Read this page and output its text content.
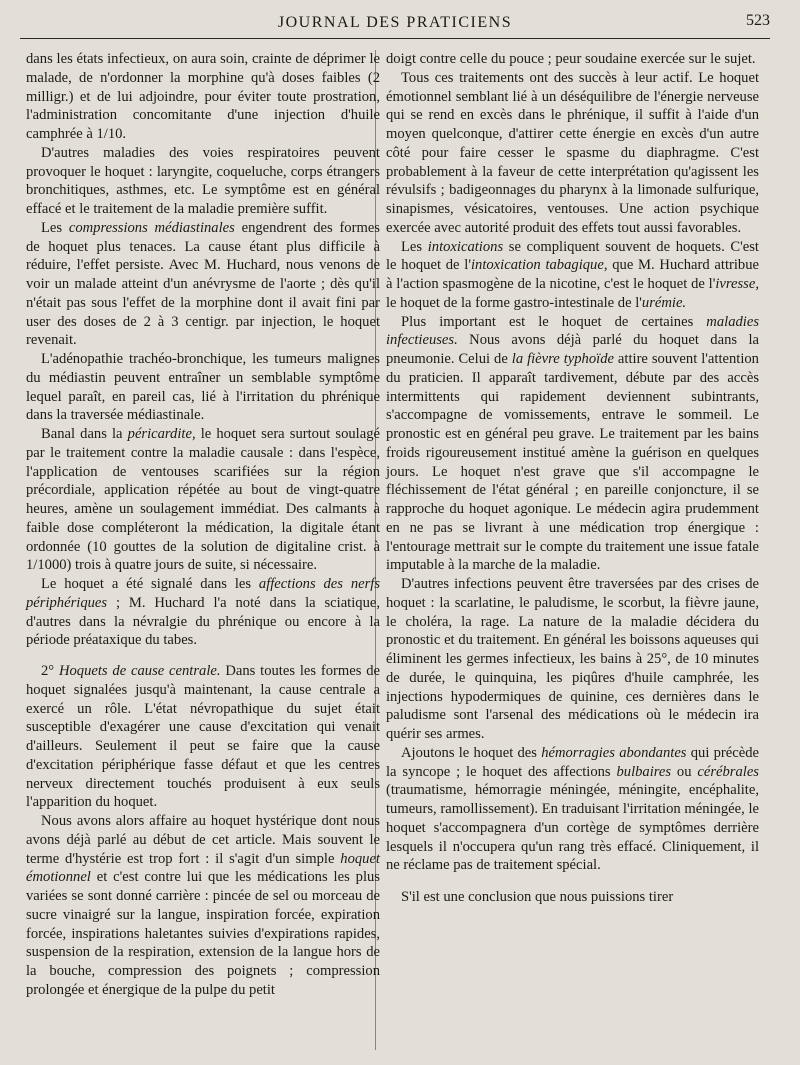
JOURNAL DES PRATICIENS	523

dans les états infectieux, on aura soin, crainte de déprimer le malade, de n'ordonner la morphine qu'à doses faibles (2 milligr.) et de lui adjoindre, pour éviter toute prostration, l'administration concomitante d'une injection d'huile camphrée à 1/10.

D'autres maladies des voies respiratoires peuvent provoquer le hoquet : laryngite, coqueluche, corps étrangers bronchitiques, asthmes, etc. Le symptôme est en général effacé et le traitement de la maladie première suffit.

Les compressions médiastinales engendrent des formes de hoquet plus tenaces. La cause étant plus difficile à réduire, l'effet persiste. Avec M. Huchard, nous venons de voir un malade atteint d'un anévrysme de l'aorte ; dès qu'il n'était pas sous l'effet de la morphine dont il avait fini par user des doses de 2 à 3 centigr. par injection, le hoquet revenait.

L'adénopathie trachéo-bronchique, les tumeurs malignes du médiastin peuvent entraîner un semblable symptôme lequel paraît, en pareil cas, lié à l'irritation du phrénique dans la traversée médiastinale.

Banal dans la péricardite, le hoquet sera surtout soulagé par le traitement contre la maladie causale : dans l'espèce, l'application de ventouses scarifiées sur la région précordiale, application répétée au bout de vingt-quatre heures, amène un soulagement immédiat. Des calmants à faible dose compléteront la médication, la digitale étant ordonnée (10 gouttes de la solution de digitaline crist. à 1/1000) trois à quatre jours de suite, si nécessaire.

Le hoquet a été signalé dans les affections des nerfs périphériques ; M. Huchard l'a noté dans la sciatique, d'autres dans la névralgie du phrénique ou encore à la période préataxique du tabes.

2° Hoquets de cause centrale. Dans toutes les formes de hoquet signalées jusqu'à maintenant, la cause centrale a exercé un rôle. L'état névropathique du sujet était susceptible d'exagérer une cause d'excitation qui venait d'ailleurs. Seulement il peut se faire que la cause d'excitation périphérique fasse défaut et que les centres nerveux directement touchés produisent à eux seuls l'apparition du hoquet.

Nous avons alors affaire au hoquet hystérique dont nous avons déjà parlé au début de cet article. Mais souvent le terme d'hystérie est trop fort : il s'agit d'un simple hoquet émotionnel et c'est contre lui que les médications les plus variées se sont donné carrière : pincée de sel ou morceau de sucre vinaigré sur la langue, inspiration forcée, expiration forcée, inspirations haletantes suivies d'expirations rapides, suspension de la respiration, extension de la langue hors de la bouche, compression des poignets ; compression prolongée et énergique de la pulpe du petit

doigt contre celle du pouce ; peur soudaine exercée sur le sujet.

Tous ces traitements ont des succès à leur actif. Le hoquet émotionnel semblant lié à un déséquilibre de l'énergie nerveuse qui se rend en excès dans le phrénique, il suffit à l'aide d'un moyen quelconque, d'attirer cette énergie en excès d'un autre côté pour faire cesser le spasme du diaphragme. C'est probablement à la faveur de cette interprétation qu'agissent les révulsifs ; badigeonnages du pharynx à la limonade sulfurique, sinapismes, vésicatoires, ventouses. Une action psychique exercée avec autorité produit des effets tout aussi favorables.

Les intoxications se compliquent souvent de hoquets. C'est le hoquet de l'intoxication tabagique, que M. Huchard attribue à l'action spasmogène de la nicotine, c'est le hoquet de l'ivresse, le hoquet de la forme gastro-intestinale de l'urémie.

Plus important est le hoquet de certaines maladies infectieuses. Nous avons déjà parlé du hoquet dans la pneumonie. Celui de la fièvre typhoïde attire souvent l'attention du praticien. Il apparaît tardivement, débute par des accès intermittents qui rapidement deviennent subintrants, s'accompagne de vomissements, entrave le sommeil. Le pronostic est en général peu grave. Le traitement par les bains froids rigoureusement institué amène la guérison en quelques jours. Le hoquet n'est grave que s'il accompagne le fléchissement de l'état général ; en pareille conjoncture, il se rapproche du hoquet agonique. Le médecin agira prudemment en ne pas se livrant à une médication trop énergique : l'entourage mettrait sur le compte du traitement une issue fatale imputable à la marche de la maladie.

D'autres infections peuvent être traversées par des crises de hoquet : la scarlatine, le paludisme, le scorbut, la fièvre jaune, le choléra, la rage. La nature de la maladie décidera du pronostic et du traitement. En général les boissons aqueuses qui éliminent les germes infectieux, les bains à 25°, de 10 minutes de durée, le quinquina, les piqûres d'huile camphrée, les injections hypodermiques de quinine, ces dernières dans le paludisme sont l'arsenal des médications où le médecin ira quérir ses armes.

Ajoutons le hoquet des hémorragies abondantes qui précède la syncope ; le hoquet des affections bulbaires ou cérébrales (traumatisme, hémorragie méningée, méningite, encéphalite, tumeurs, ramollissement). En traduisant l'irritation méningée, le hoquet s'accompagnera d'un cortège de symptômes derrière lesquels il n'occupera qu'un rang très effacé. Cliniquement, il ne réclame pas de traitement spécial.

S'il est une conclusion que nous puissions tirer
